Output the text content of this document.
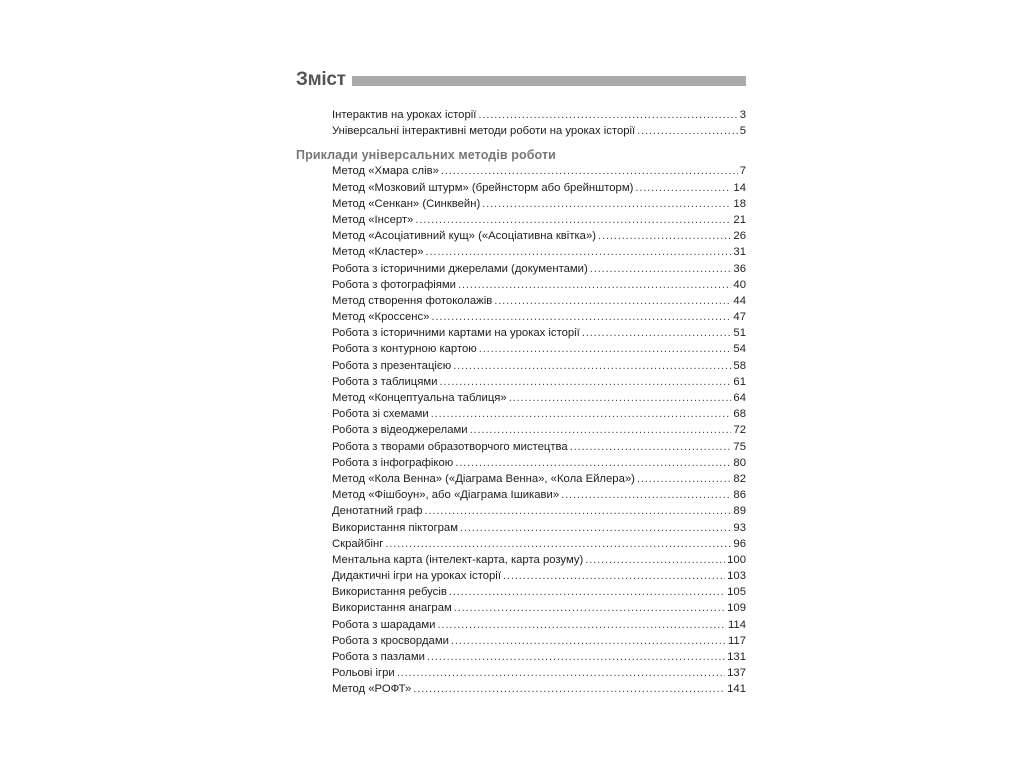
Зміст
Інтерактив на уроках історії .....	3
Універсальні інтерактивні методи роботи на уроках історії .....	5
Приклади універсальних методів роботи
Метод «Хмара слів» .....	7
Метод «Мозковий штурм» (брейнсторм або брейншторм) .....	14
Метод «Сенкан» (Синквейн) .....	18
Метод «Інсерт» .....	21
Метод «Асоціативний кущ» («Асоціативна квітка») .....	26
Метод «Кластер» .....	31
Робота з історичними джерелами (документами) .....	36
Робота з фотографіями .....	40
Метод створення фотоколажів .....	44
Метод «Кроссенс» .....	47
Робота з історичними картами на уроках історії .....	51
Робота з контурною картою .....	54
Робота з презентацією .....	58
Робота з таблицями .....	61
Метод «Концептуальна таблиця» .....	64
Робота зі схемами .....	68
Робота з відеоджерелами .....	72
Робота з творами образотворчого мистецтва .....	75
Робота з інфографікою .....	80
Метод «Кола Венна» («Діаграма Венна», «Кола Ейлера») .....	82
Метод «Фішбоун», або «Діаграма Ішикави» .....	86
Денотатний граф .....	89
Використання піктограм .....	93
Скрайбінг .....	96
Ментальна карта (інтелект-карта, карта розуму) .....	100
Дидактичні ігри на уроках історії .....	103
Використання ребусів .....	105
Використання анаграм .....	109
Робота з шарадами .....	114
Робота з кросвордами .....	117
Робота з пазлами .....	131
Рольові ігри .....	137
Метод «РОФТ» .....	141
